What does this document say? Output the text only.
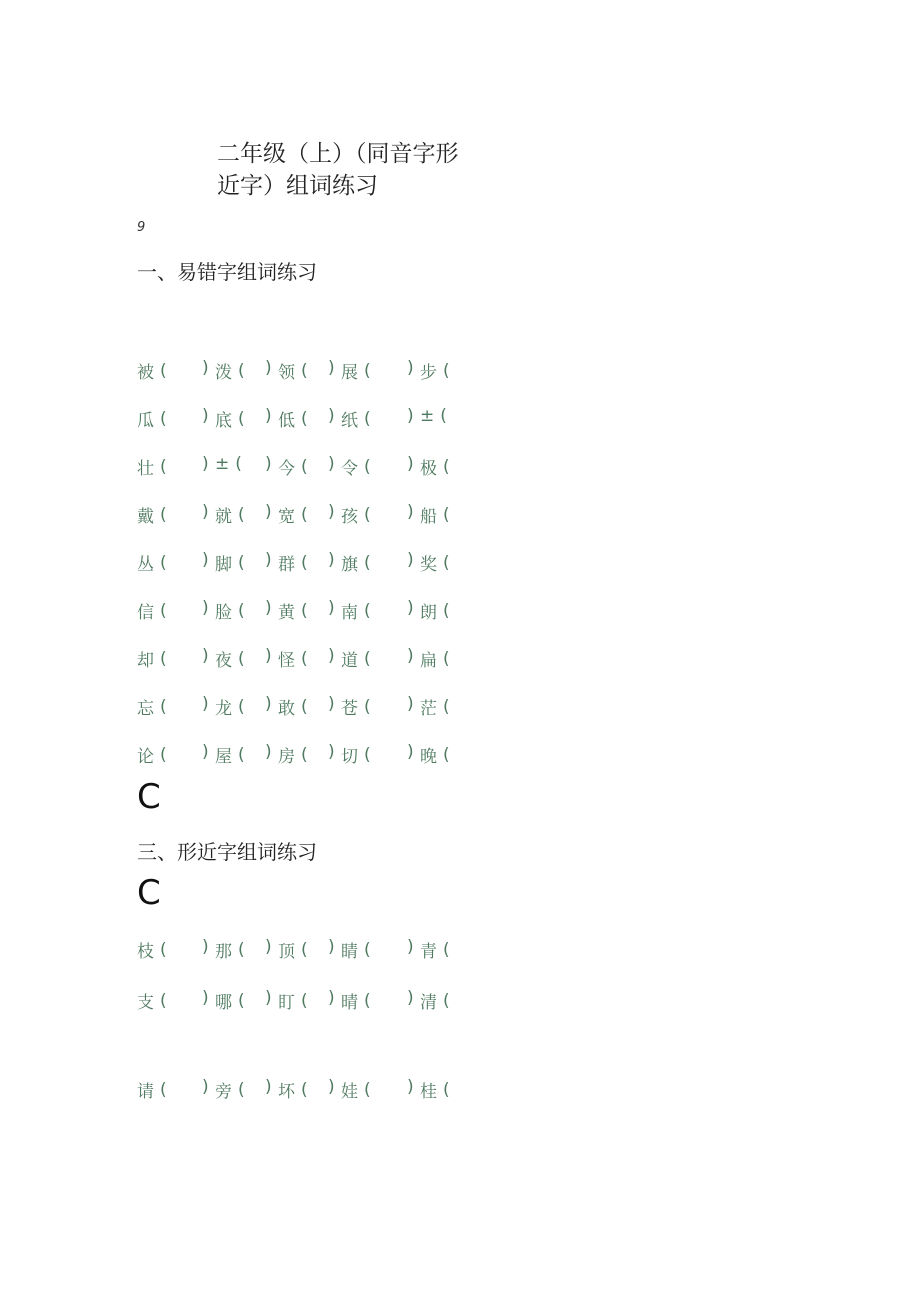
二年级（上）（同音字形
近字）组词练习
9
一、易错字组词练习
被 ( ) 泼 ( ) 领 ( ) 展 ( ) 步 (
瓜 ( ) 底 ( ) 低 ( ) 纸 ( ) ± (
壮 ( ) ± ( ) 今 ( ) 令 ( ) 极 (
戴 ( ) 就 ( ) 宽 ( ) 孩 ( ) 船 (
丛 ( ) 脚 ( ) 群 ( ) 旗 ( ) 奖 (
信 ( ) 脸 ( ) 黄 ( ) 南 ( ) 朗 (
却 ( ) 夜 ( ) 怪 ( ) 道 ( ) 扁 (
忘 ( ) 龙 ( ) 敢 ( ) 苍 ( ) 茫 (
论 ( ) 屋 ( ) 房 ( ) 切 ( ) 晚 (
C
三、形近字组词练习
C
枝 ( ) 那 ( ) 顶 ( ) 睛 ( ) 青 (
支 ( ) 哪 ( ) 盯 ( ) 晴 ( ) 清 (
请 ( ) 旁 ( ) 坏 ( ) 娃 ( ) 桂 (
